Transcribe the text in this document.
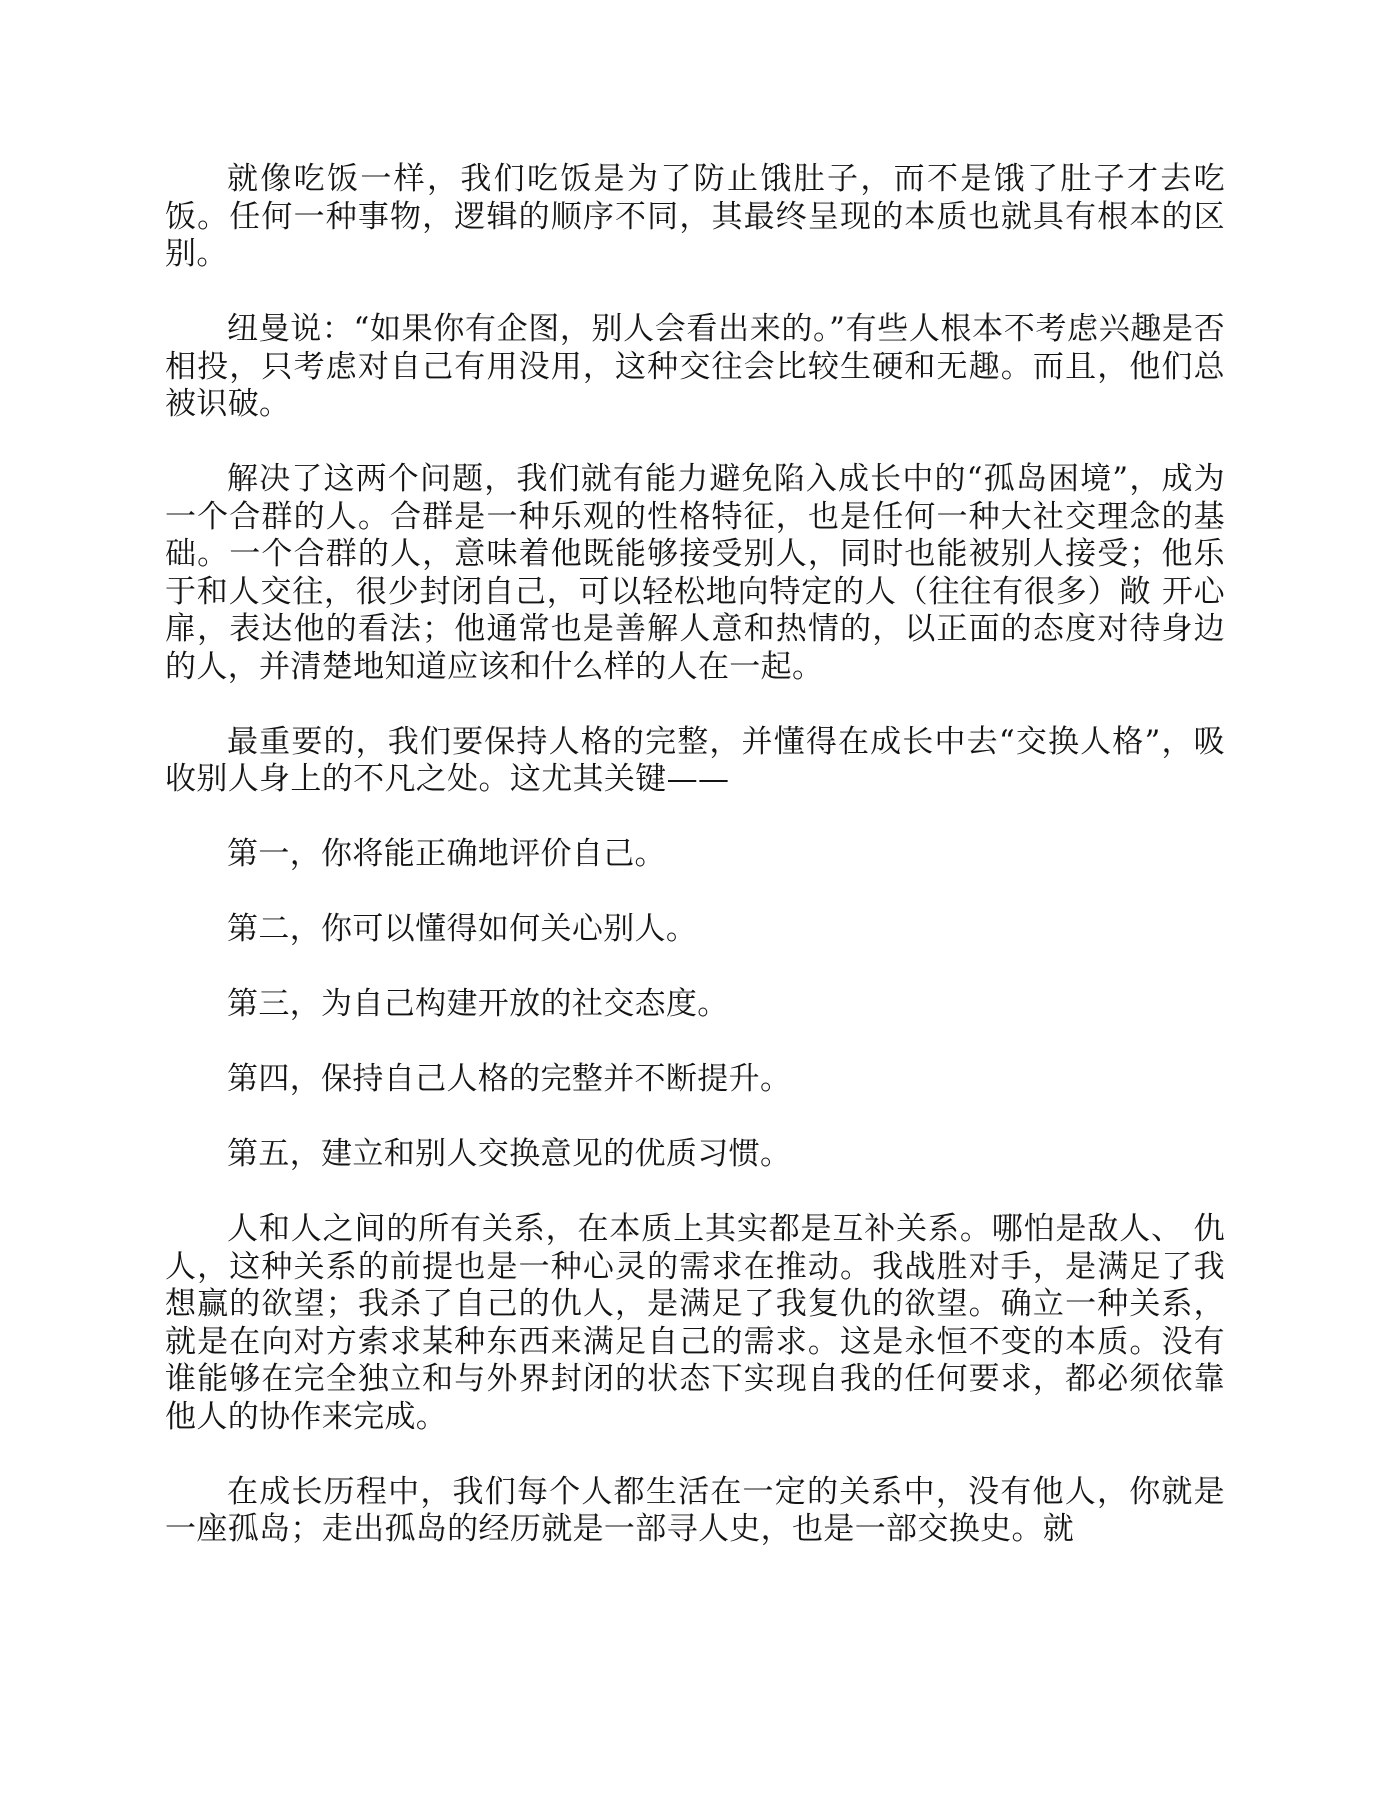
就像吃饭一样，我们吃饭是为了防止饿肚子，而不是饿了肚子才去吃饭。任何一种事物，逻辑的顺序不同，其最终呈现的本质也就具有根本的区别。

纽曼说：“如果你有企图，别人会看出来的。”有些人根本不考虑兴趣是否相投，只考虑对自己有用没用，这种交往会比较生硬和无趣。而且，他们总被识破。

解决了这两个问题，我们就有能力避免陷入成长中的“孤岛困境”，成为一个合群的人。合群是一种乐观的性格特征，也是任何一种大社交理念的基础。一个合群的人，意味着他既能够接受别人，同时也能被别人接受；他乐于和人交往，很少封闭自己，可以轻松地向特定的人（往往有很多）敞 开心扉，表达他的看法；他通常也是善解人意和热情的，以正面的态度对待身边的人，并清楚地知道应该和什么样的人在一起。

最重要的，我们要保持人格的完整，并懂得在成长中去“交换人格”，吸收别人身上的不凡之处。这尤其关键——

第一，你将能正确地评价自己。

第二，你可以懂得如何关心别人。

第三，为自己构建开放的社交态度。

第四，保持自己人格的完整并不断提升。

第五，建立和别人交换意见的优质习惯。

人和人之间的所有关系，在本质上其实都是互补关系。哪怕是敌人、 仇人，这种关系的前提也是一种心灵的需求在推动。我战胜对手，是满足了我想赢的欲望；我杀了自己的仇人，是满足了我复仇的欲望。确立一种关系，就是在向对方索求某种东西来满足自己的需求。这是永恒不变的本质。没有谁能够在完全独立和与外界封闭的状态下实现自我的任何要求，都必须依靠他人的协作来完成。

在成长历程中，我们每个人都生活在一定的关系中，没有他人，你就是一座孤岛；走出孤岛的经历就是一部寻人史，也是一部交换史。就
